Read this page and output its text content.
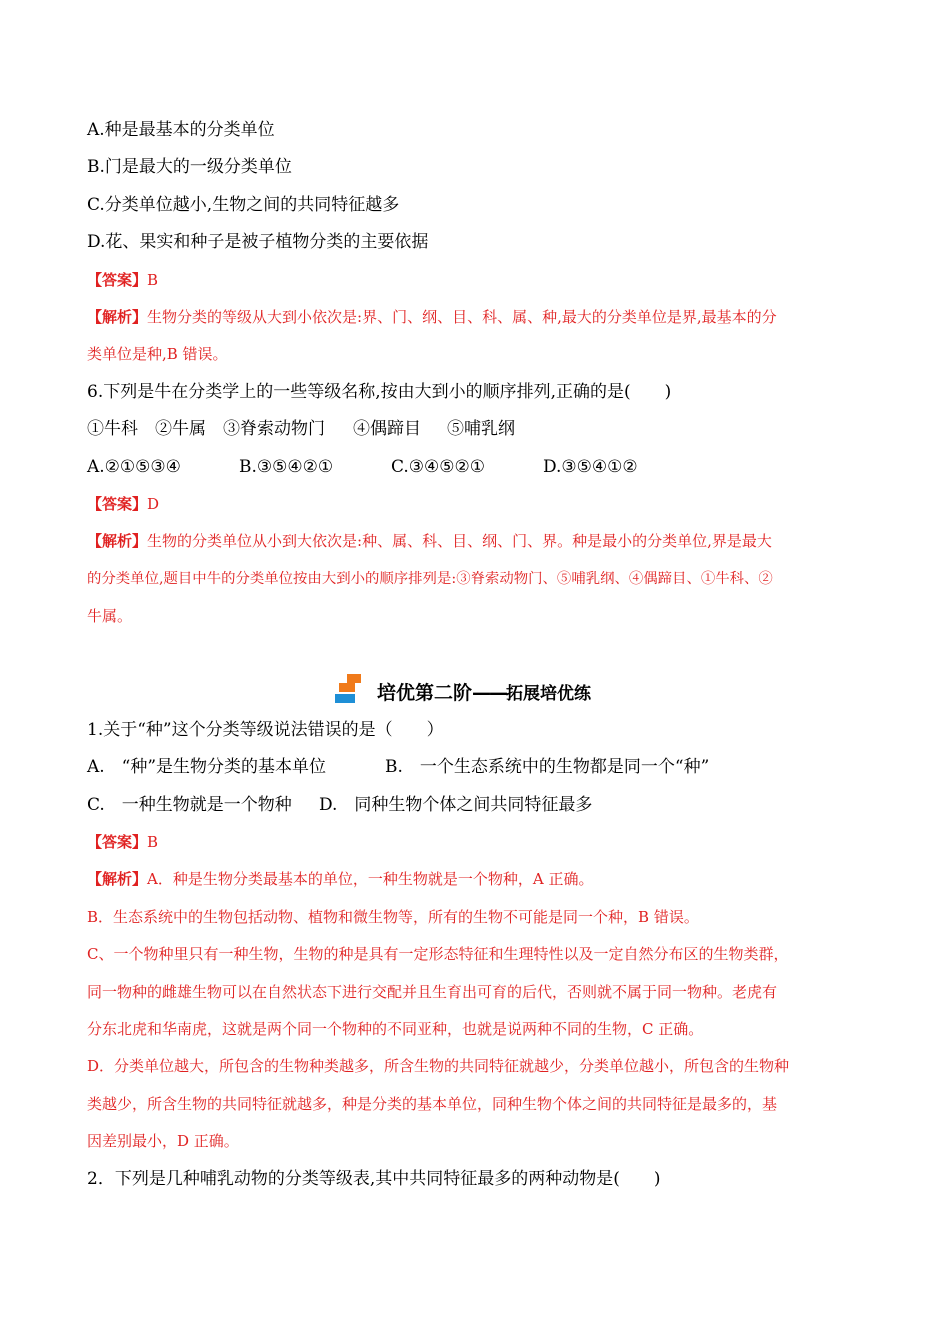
A.种是最基本的分类单位
B.门是最大的一级分类单位
C.分类单位越小,生物之间的共同特征越多
D.花、果实和种子是被子植物分类的主要依据
【答案】B
【解析】生物分类的等级从大到小依次是:界、门、纲、目、科、属、种,最大的分类单位是界,最基本的分
类单位是种,B 错误。
6.下列是牛在分类学上的一些等级名称,按由大到小的顺序排列,正确的是(　　)
①牛科 ②牛属 ③脊索动物门 ④偶蹄目 ⑤哺乳纲
A.②①⑤③④	B.③⑤④②①	C.③④⑤②①	D.③⑤④①②
【答案】D
【解析】生物的分类单位从小到大依次是:种、属、科、目、纲、门、界。种是最小的分类单位,界是最大
的分类单位,题目中牛的分类单位按由大到小的顺序排列是:③脊索动物门、⑤哺乳纲、④偶蹄目、①牛科、②
牛属。
培优第二阶——拓展培优练
1.关于“种”这个分类等级说法错误的是（　　）
A.　“种”是生物分类的基本单位	B.　一个生态系统中的生物都是同一个“种”
C.　一种生物就是一个物种 D.　同种生物个体之间共同特征最多
【答案】B
【解析】A．种是生物分类最基本的单位，一种生物就是一个物种，A 正确。
B．生态系统中的生物包括动物、植物和微生物等，所有的生物不可能是同一个种，B 错误。
C、一个物种里只有一种生物，生物的种是具有一定形态特征和生理特性以及一定自然分布区的生物类群，
同一物种的雌雄生物可以在自然状态下进行交配并且生育出可育的后代，否则就不属于同一物种。老虎有
分东北虎和华南虎，这就是两个同一个物种的不同亚种，也就是说两种不同的生物，C 正确。
D．分类单位越大，所包含的生物种类越多，所含生物的共同特征就越少，分类单位越小，所包含的生物种
类越少，所含生物的共同特征就越多，种是分类的基本单位，同种生物个体之间的共同特征是最多的，基
因差别最小，D 正确。
2．下列是几种哺乳动物的分类等级表,其中共同特征最多的两种动物是(　　)
